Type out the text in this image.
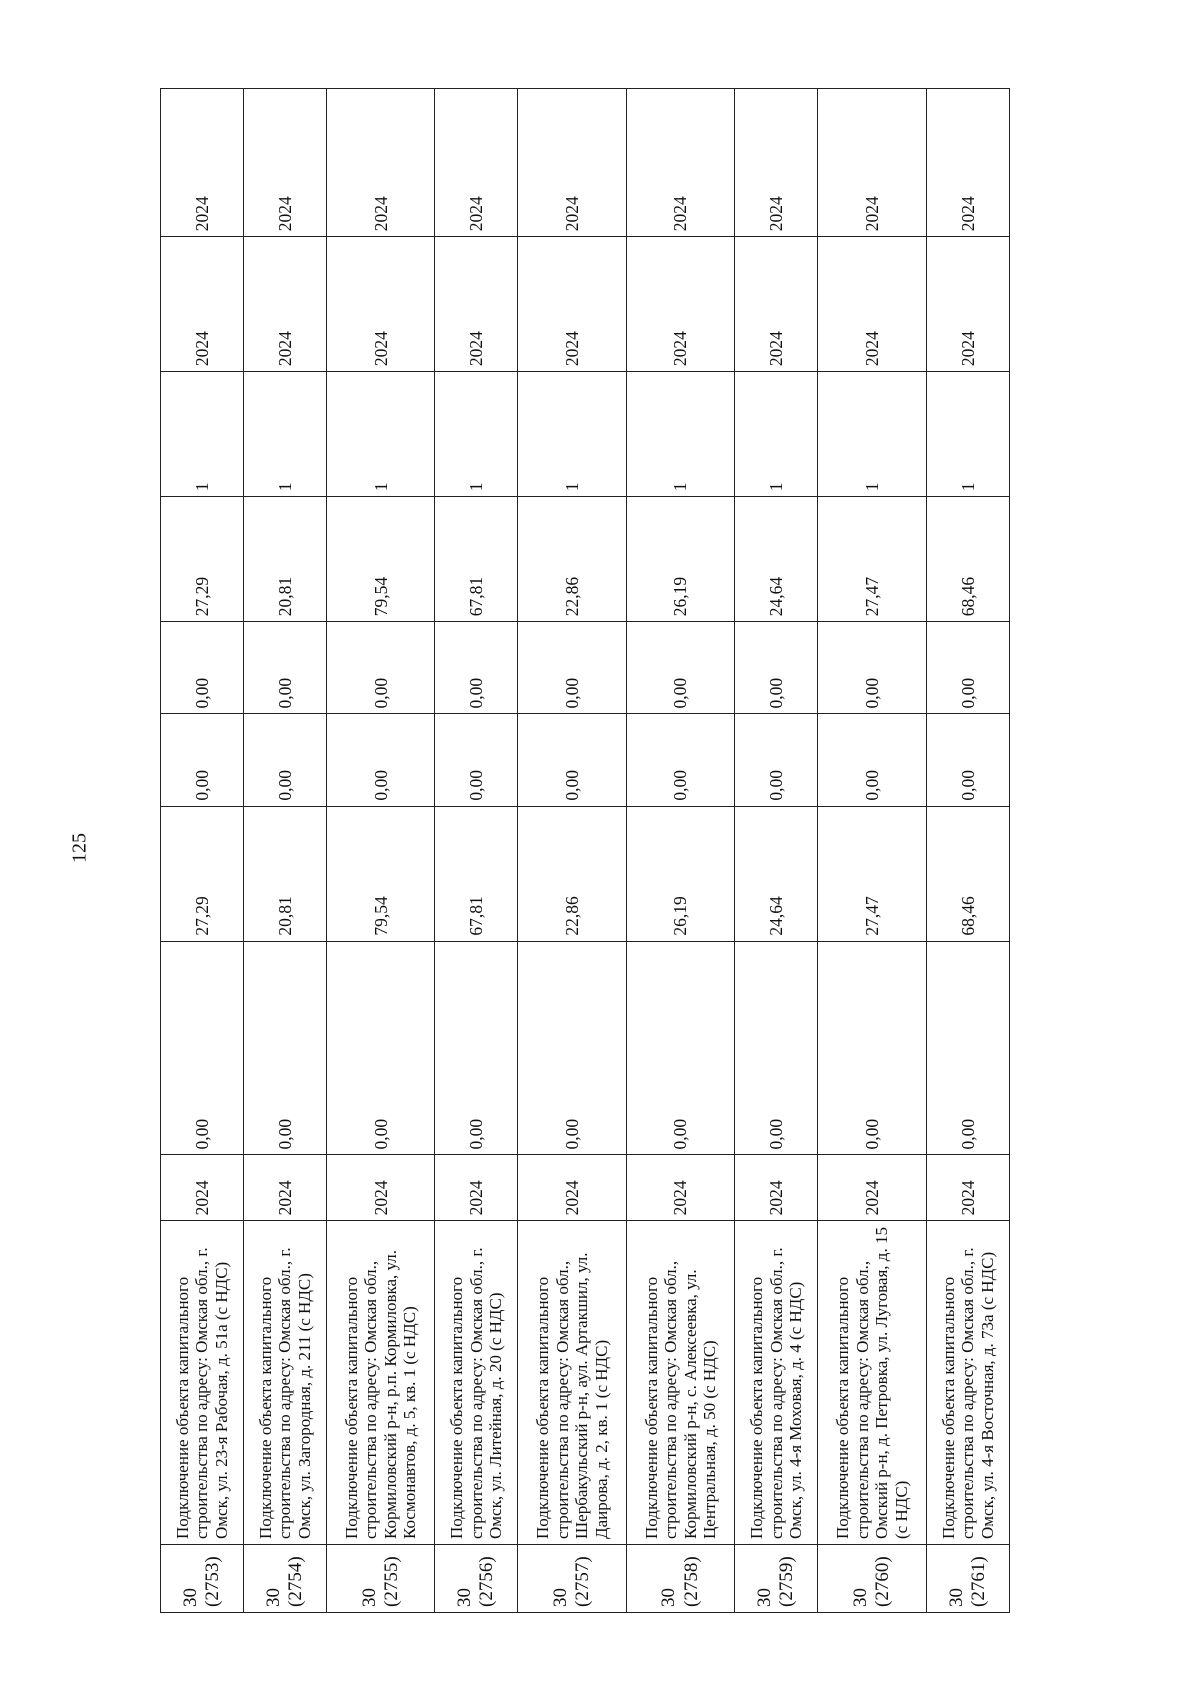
125
30 (2753)	Подключение объекта капитального строительства по адресу: Омская обл., г. Омск, ул. 23-я Рабочая, д. 51а (с НДС)	2024	0,00	27,29	0,00	0,00	27,29	1	2024	2024

30 (2754)	Подключение объекта капитального строительства по адресу: Омская обл., г. Омск, ул. Загородная, д. 211 (с НДС)	2024	0,00	20,81	0,00	0,00	20,81	1	2024	2024

30 (2755)	Подключение объекта капитального строительства по адресу: Омская обл., Кормиловский р-н, р.п. Кормиловка, ул. Космонавтов, д. 5, кв. 1 (с НДС)	2024	0,00	79,54	0,00	0,00	79,54	1	2024	2024

30 (2756)	Подключение объекта капитального строительства по адресу: Омская обл., г. Омск, ул. Литейная, д. 20 (с НДС)	2024	0,00	67,81	0,00	0,00	67,81	1	2024	2024

30 (2757)	Подключение объекта капитального строительства по адресу: Омская обл., Шербакульский р-н, аул. Артакшил, ул. Даирова, д. 2, кв. 1 (с НДС)	2024	0,00	22,86	0,00	0,00	22,86	1	2024	2024

30 (2758)	Подключение объекта капитального строительства по адресу: Омская обл., Кормиловский р-н, с. Алексеевка, ул. Центральная, д. 50 (с НДС)	2024	0,00	26,19	0,00	0,00	26,19	1	2024	2024

30 (2759)	Подключение объекта капитального строительства по адресу: Омская обл., г. Омск, ул. 4-я Моховая, д. 4 (с НДС)	2024	0,00	24,64	0,00	0,00	24,64	1	2024	2024

30 (2760)	Подключение объекта капитального строительства по адресу: Омская обл., Омский р-н, д. Петровка, ул. Луговая, д. 15 (с НДС)	2024	0,00	27,47	0,00	0,00	27,47	1	2024	2024

30 (2761)	Подключение объекта капитального строительства по адресу: Омская обл., г. Омск, ул. 4-я Восточная, д. 73а (с НДС)	2024	0,00	68,46	0,00	0,00	68,46	1	2024	2024
